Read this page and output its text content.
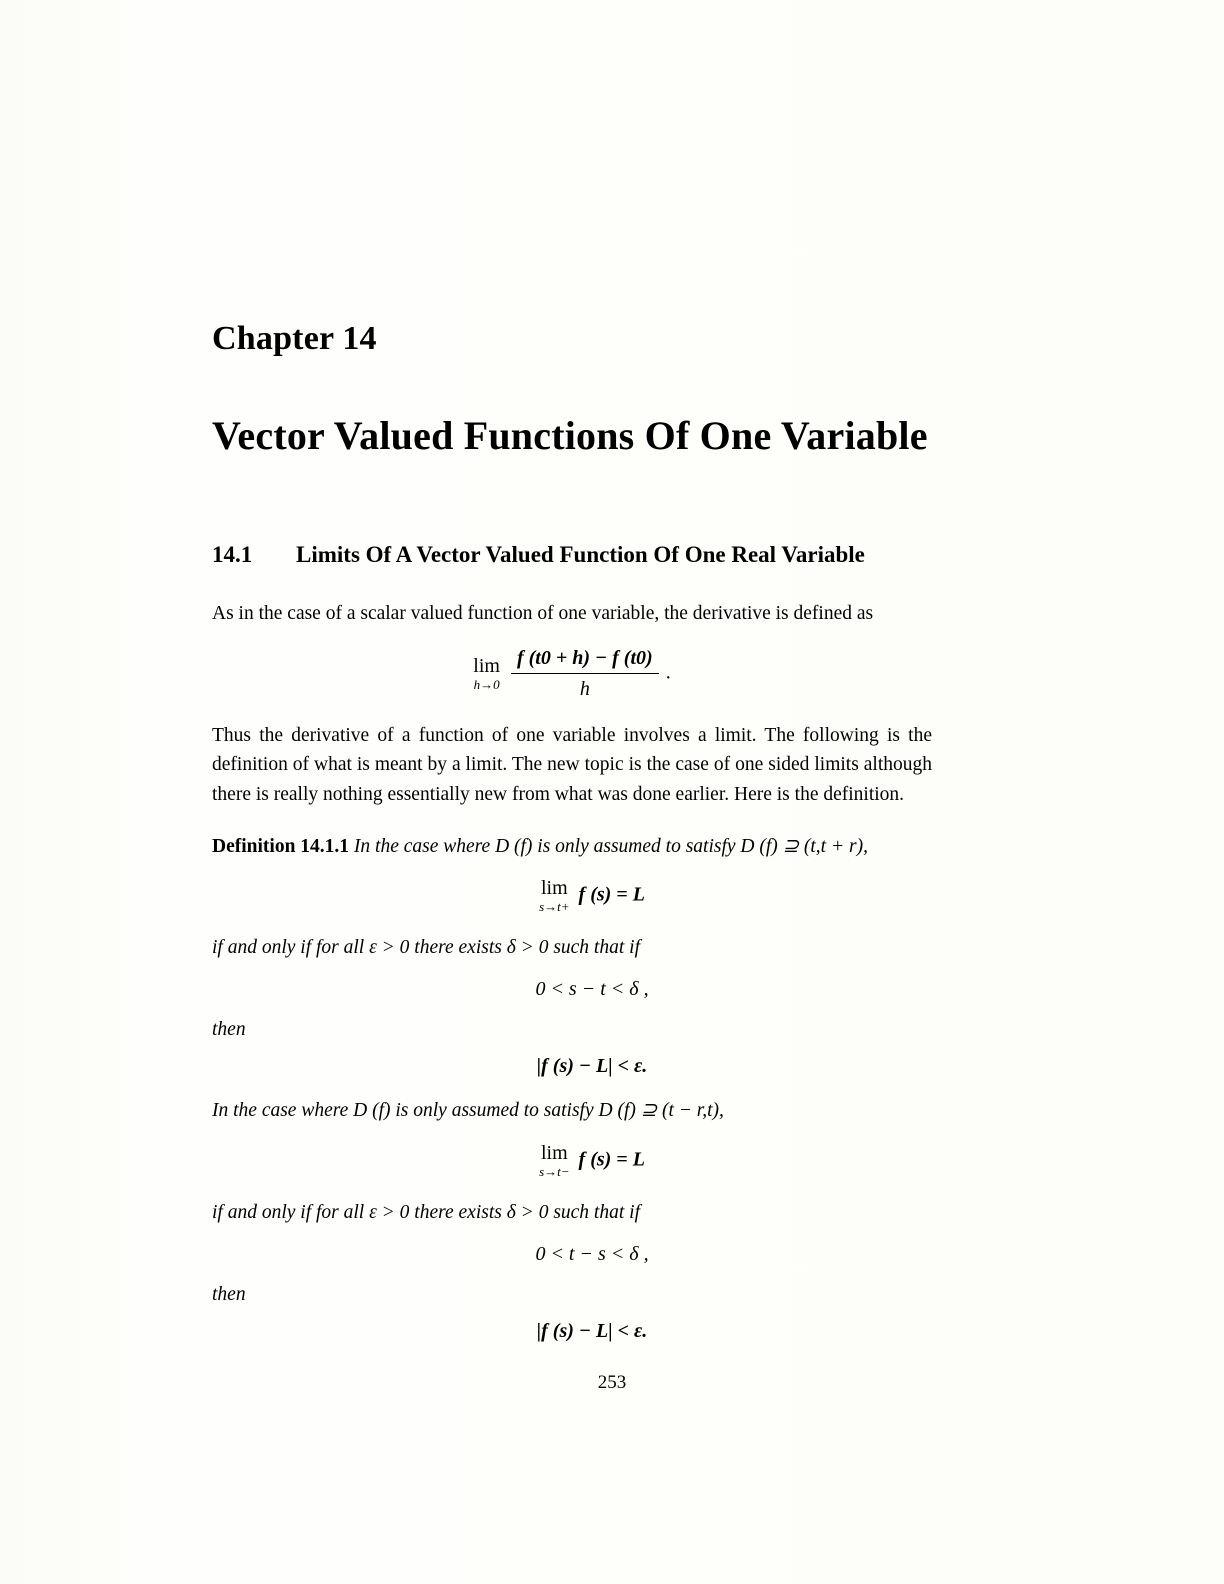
Chapter 14
Vector Valued Functions Of One Variable
14.1	Limits Of A Vector Valued Function Of One Real Variable

As in the case of a scalar valued function of one variable, the derivative is defined as

lim
h→0
$\frac{f (t0 + h) - f (t0)}{h}$ .

Thus the derivative of a function of one variable involves a limit. The following is the definition of what is meant by a limit. The new topic is the case of one sided limits although there is really nothing essentially new from what was done earlier. Here is the definition.

Definition 14.1.1 In the case where D (f) is only assumed to satisfy D (f) ⊇ (t,t + r),

lim
s→t+
f (s) = L

if and only if for all ε > 0 there exists δ > 0 such that if

0 < s − t < δ ,

then

|f (s) − L| < ε.

In the case where D (f) is only assumed to satisfy D (f) ⊇ (t − r,t),

lim
s→t−
f (s) = L

if and only if for all ε > 0 there exists δ > 0 such that if

0 < t − s < δ ,

then

|f (s) − L| < ε.
253
